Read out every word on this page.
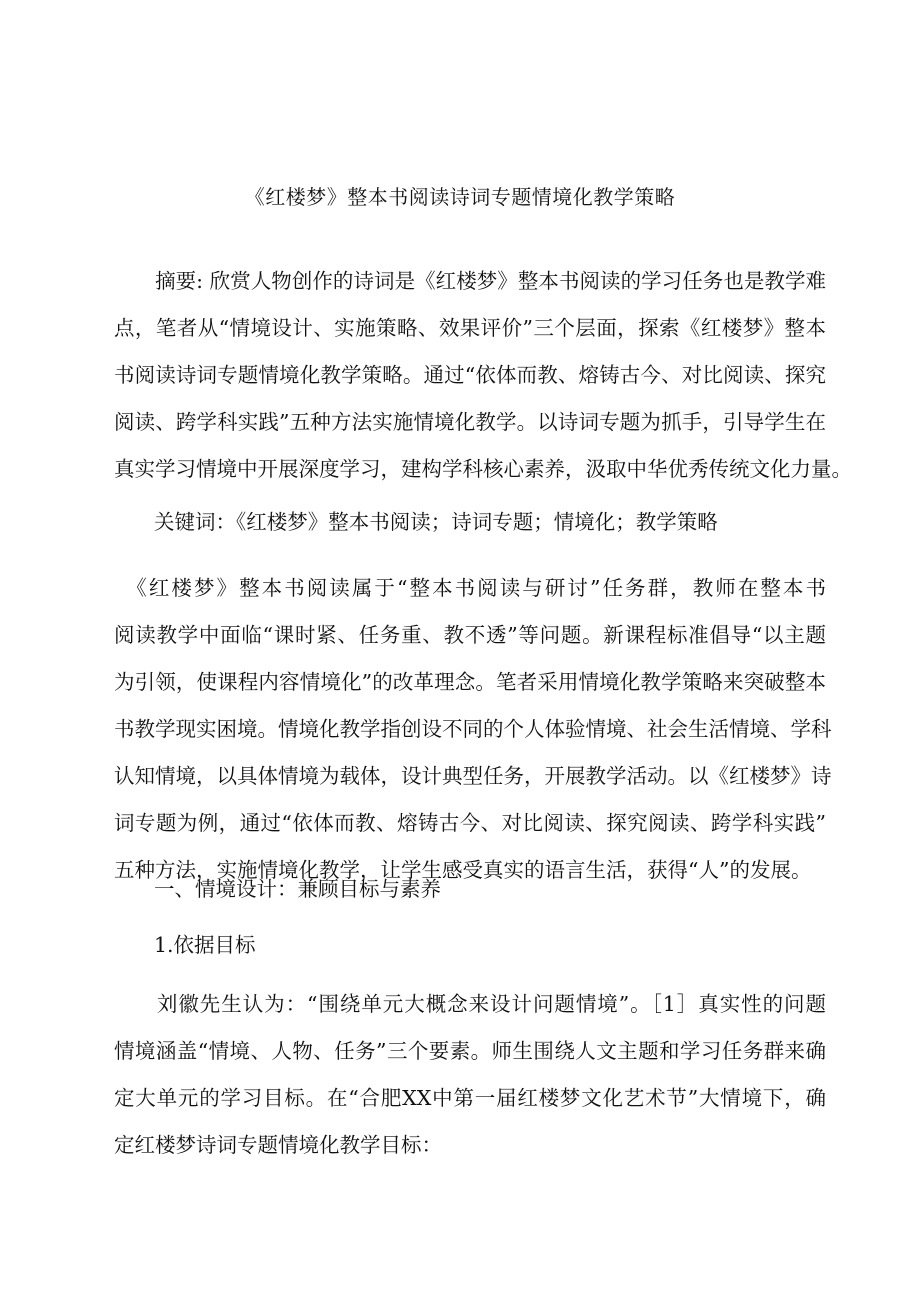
《红楼梦》整本书阅读诗词专题情境化教学策略
　　摘要: 欣赏人物创作的诗词是《红楼梦》整本书阅读的学习任务也是教学难
点，笔者从“情境设计、实施策略、效果评价”三个层面，探索《红楼梦》整本
书阅读诗词专题情境化教学策略。通过“依体而教、熔铸古今、对比阅读、探究
阅读、跨学科实践”五种方法实施情境化教学。以诗词专题为抓手，引导学生在
真实学习情境中开展深度学习，建构学科核心素养，汲取中华优秀传统文化力量。
关键词：《红楼梦》整本书阅读；诗词专题；情境化；教学策略
　《红楼梦》整本书阅读属于“整本书阅读与研讨”任务群，教师在整本书
阅读教学中面临“课时紧、任务重、教不透”等问题。新课程标准倡导“以主题
为引领，使课程内容情境化”的改革理念。笔者采用情境化教学策略来突破整本
书教学现实困境。情境化教学指创设不同的个人体验情境、社会生活情境、学科
认知情境，以具体情境为载体，设计典型任务，开展教学活动。以《红楼梦》诗
词专题为例，通过“依体而教、熔铸古今、对比阅读、探究阅读、跨学科实践”
五种方法，实施情境化教学，让学生感受真实的语言生活，获得“人”的发展。
一、情境设计：兼顾目标与素养
1.依据目标
　　刘徽先生认为：“围绕单元大概念来设计问题情境”。［1］真实性的问题
情境涵盖“情境、人物、任务”三个要素。师生围绕人文主题和学习任务群来确
定大单元的学习目标。在“合肥XX中第一届红楼梦文化艺术节”大情境下，确
定红楼梦诗词专题情境化教学目标：
